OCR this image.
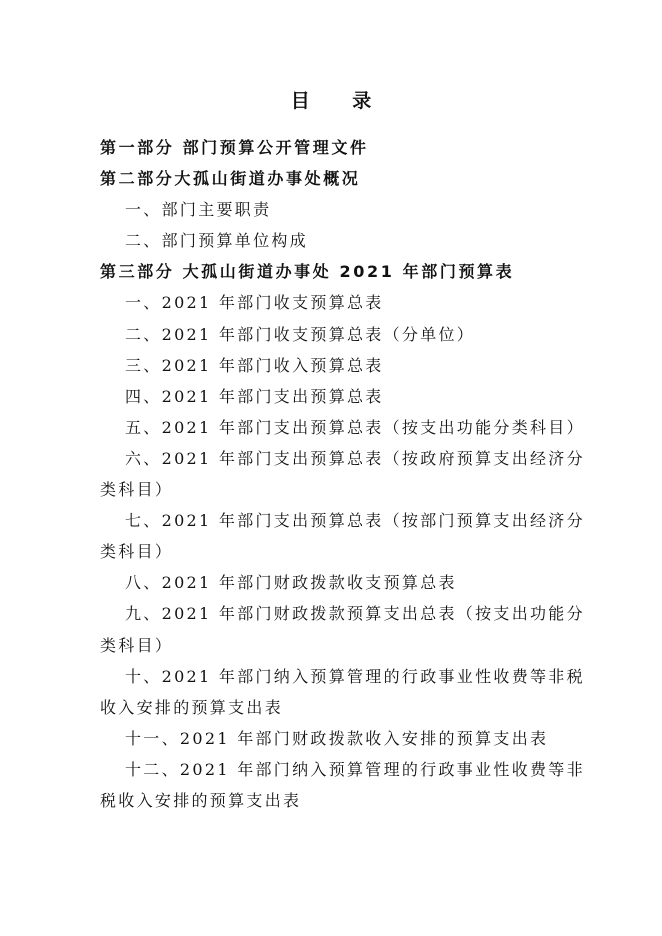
目 录
第一部分 部门预算公开管理文件
第二部分大孤山街道办事处概况
一、部门主要职责
二、部门预算单位构成
第三部分 大孤山街道办事处 2021 年部门预算表
一、2021 年部门收支预算总表
二、2021 年部门收支预算总表（分单位）
三、2021 年部门收入预算总表
四、2021 年部门支出预算总表
五、2021 年部门支出预算总表（按支出功能分类科目）
六、2021 年部门支出预算总表（按政府预算支出经济分
类科目）
七、2021 年部门支出预算总表（按部门预算支出经济分
类科目）
八、2021 年部门财政拨款收支预算总表
九、2021 年部门财政拨款预算支出总表（按支出功能分
类科目）
十、2021 年部门纳入预算管理的行政事业性收费等非税
收入安排的预算支出表
十一、2021 年部门财政拨款收入安排的预算支出表
十二、2021 年部门纳入预算管理的行政事业性收费等非
税收入安排的预算支出表
